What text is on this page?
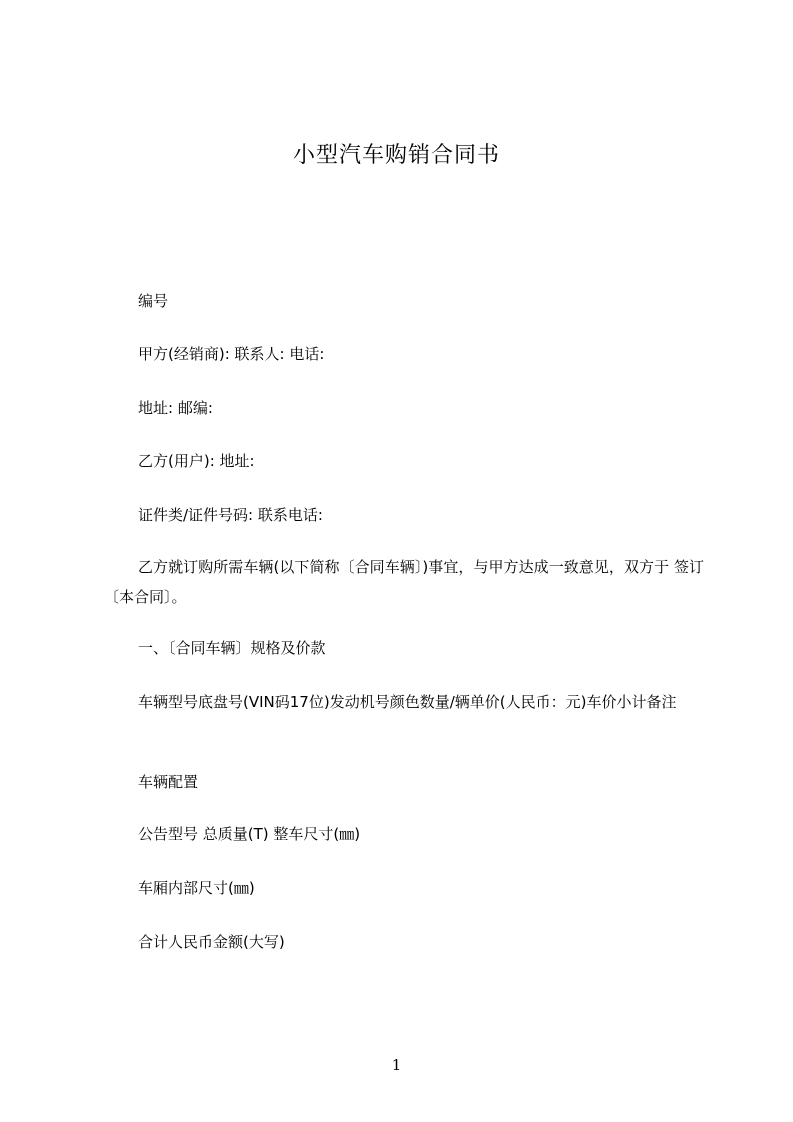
小型汽车购销合同书
编号
甲方(经销商): 联系人: 电话:
地址: 邮编:
乙方(用户): 地址:
证件类/证件号码: 联系电话:
乙方就订购所需车辆(以下简称〔合同车辆〕)事宜，与甲方达成一致意见，双方于 签订〔本合同〕。
一、〔合同车辆〕规格及价款
车辆型号底盘号(VIN码17位)发动机号颜色数量/辆单价(人民币：元)车价小计备注
车辆配置
公告型号 总质量(T) 整车尺寸(㎜)
车厢内部尺寸(㎜)
合计人民币金额(大写)
1
